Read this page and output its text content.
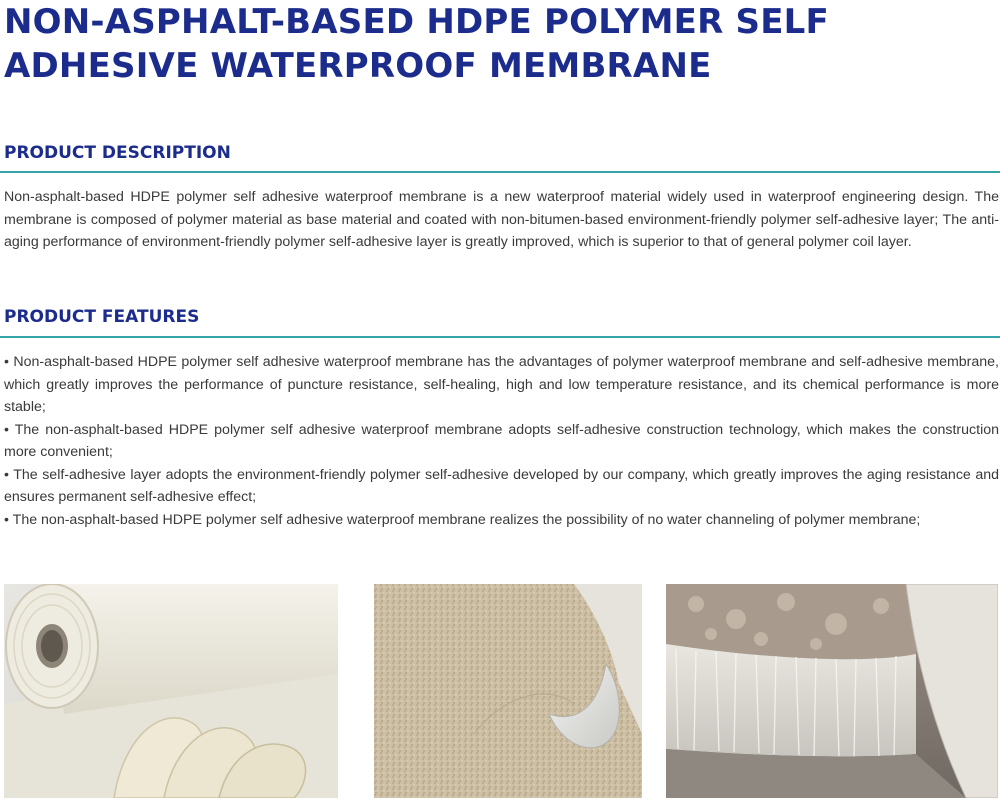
NON-ASPHALT-BASED HDPE POLYMER SELF ADHESIVE WATERPROOF MEMBRANE
PRODUCT DESCRIPTION

Non-asphalt-based HDPE polymer self adhesive waterproof membrane is a new waterproof material widely used in waterproof engineering design. The membrane is composed of polymer material as base material and coated with non-bitumen-based environment-friendly polymer self-adhesive layer; The anti-aging performance of environment-friendly polymer self-adhesive layer is greatly improved, which is superior to that of general polymer coil layer.

PRODUCT FEATURES
• Non-asphalt-based HDPE polymer self adhesive waterproof membrane has the advantages of polymer waterproof membrane and self-adhesive membrane, which greatly improves the performance of puncture resistance, self-healing, high and low temperature resistance, and its chemical performance is more stable;
• The non-asphalt-based HDPE polymer self adhesive waterproof membrane adopts self-adhesive construction technology, which makes the construction more convenient;
• The self-adhesive layer adopts the environment-friendly polymer self-adhesive developed by our company, which greatly improves the aging resistance and ensures permanent self-adhesive effect;
• The non-asphalt-based HDPE polymer self adhesive waterproof membrane realizes the possibility of no water channeling of polymer membrane;
